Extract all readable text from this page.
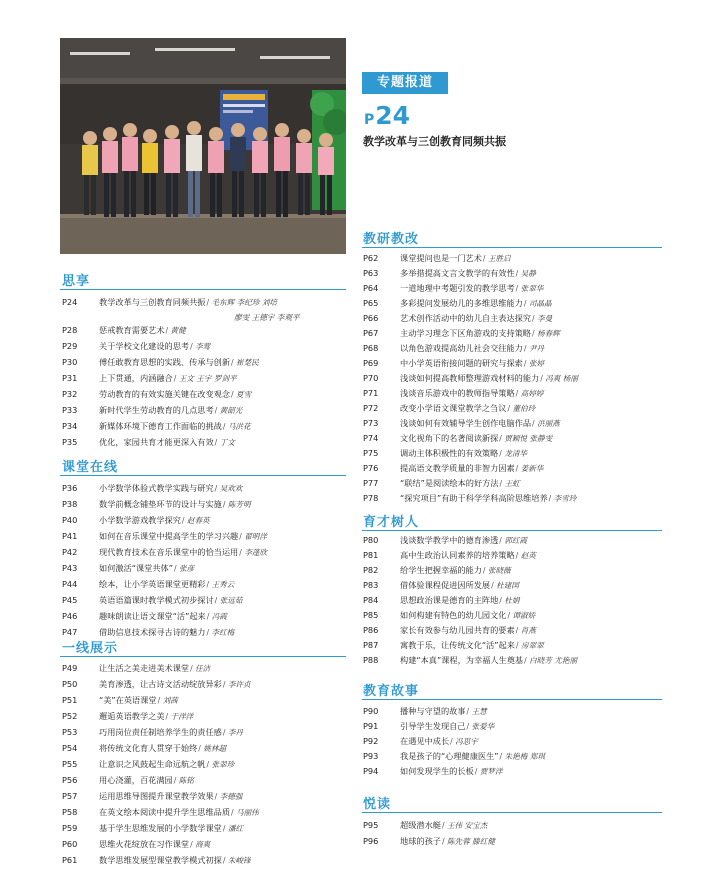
专题报道
P24
教学改革与三创教育同频共振
思享
P24	教学改革与三创教育同频共振 / 毛东辉 李纪珍 刘培
廖雯 王德宇 李观平
P28	惩戒教育需要艺术 / 黄健
P29	关于学校文化建设的思考 / 李莺
P30	傅任敢教育思想的实践、传承与创新 / 崔楚民
P31	上下贯通，内涵融合 / 王文 王宇 罗剑平
P32	劳动教育的有效实施关键在改变观念 / 夏雪
P33	新时代学生劳动教育的几点思考 / 黄韶光
P34	新媒体环境下德育工作面临的挑战 / 马洪花
P35	优化，家园共育才能更深入有效 / 丁文
课堂在线
P36	小学数学体验式教学实践与研究 / 吴欢欢
P38	数学前概念铺垫环节的设计与实施 / 陈芳明
P40	小学数学游戏教学探究 / 赵春英
P41	如何在音乐课堂中提高学生的学习兴趣 / 翟明洋
P42	现代教育技术在音乐课堂中的恰当运用 / 李蓬欣
P43	如何激活“课堂共体” / 张彦
P44	绘本，让小学英语课堂更精彩 / 王秀云
P45	英语语篇课时教学模式初步探讨 / 张远茹
P46	趣味朗读让语文课堂“活”起来 / 冯霞
P47	借助信息技术探寻古诗的魅力 / 李红梅
一线展示
P49	让生活之美走进美术课堂 / 任洁
P50	美育渗透，让古诗文活动绽放异彩 / 李许贞
P51	“美”在英语课堂 / 刘茜
P52	邂逅英语教学之美 / 于洋洋
P53	巧用岗位责任制培养学生的责任感 / 李丹
P54	将传统文化育人贯穿于始终 / 姚林超
P55	让意识之风鼓起生命远航之帆 / 张翠珍
P56	用心浇灌，百花满园 / 陈铭
P57	运用思维导图提升课堂教学效果 / 李德强
P58	在英文绘本阅读中提升学生思维品质 / 马丽伟
P59	基于学生思维发展的小学数学课堂 / 潘红
P60	思维火花绽放在习作课堂 / 商爽
P61	数学思维发展型课堂教学模式初探 / 朱峻锋
教研教改
P62	课堂提问也是一门艺术 / 王胜启
P63	多举措提高文言文教学的有效性 / 吴静
P64	一道地理中考题引发的教学思考 / 张翠华
P65	多彩提问发展幼儿的多维思维能力 / 司晶晶
P66	艺术创作活动中的幼儿自主表达探究 / 李曼
P67	主动学习理念下区角游戏的支持策略 / 杨春辉
P68	以角色游戏提高幼儿社会交往能力 / 尹丹
P69	中小学英语衔接问题的研究与探索 / 张婷
P70	浅谈如何提高教师整理游戏材料的能力 / 冯爽 杨丽
P71	浅谈音乐游戏中的教师指导策略 / 高婷婷
P72	改变小学语文课堂教学之刍议 / 董伯玲
P73	浅谈如何有效辅导学生创作电脑作品 / 洪丽燕
P74	文化视角下的名著阅读新探 / 贾颖悦 张静雯
P75	调动主体积极性的有效策略 / 龙清华
P76	提高语文教学质量的非智力因素 / 姜新华
P77	“联结”是阅读绘本的好方法 / 王虹
P78	“探究项目”有助于科学学科高阶思维培养 / 李雪玲
育才树人
P80	浅谈数学教学中的德育渗透 / 郭红霞
P81	高中生政治认同素养的培养策略 / 赵英
P82	给学生把握幸福的能力 / 张晓薇
P83	借体验课程促进因所发展 / 杜建国
P84	思想政治课是德育的主阵地 / 杜娟
P85	如何构建有特色的幼儿园文化 / 谭淑娇
P86	家长有效参与幼儿园共育的要素 / 肖燕
P87	寓教于乐，让传统文化“活”起来 / 房翠翠
P88	构建“本真”课程，为幸福人生奠基 / 白晓芳 尤艳丽
教育故事
P90	播种与守望的故事 / 王慧
P91	引导学生发现自己 / 张爱华
P92	在遇见中成长 / 冯思宇
P93	我是孩子的“心理健康医生” / 朱艳梅 郑琪
P94	如何发现学生的长板 / 贾梦洋
悦读
P95	超级潜水艇 / 王伟 安宝杰
P96	地球的孩子 / 陈先蓉 滕红健
